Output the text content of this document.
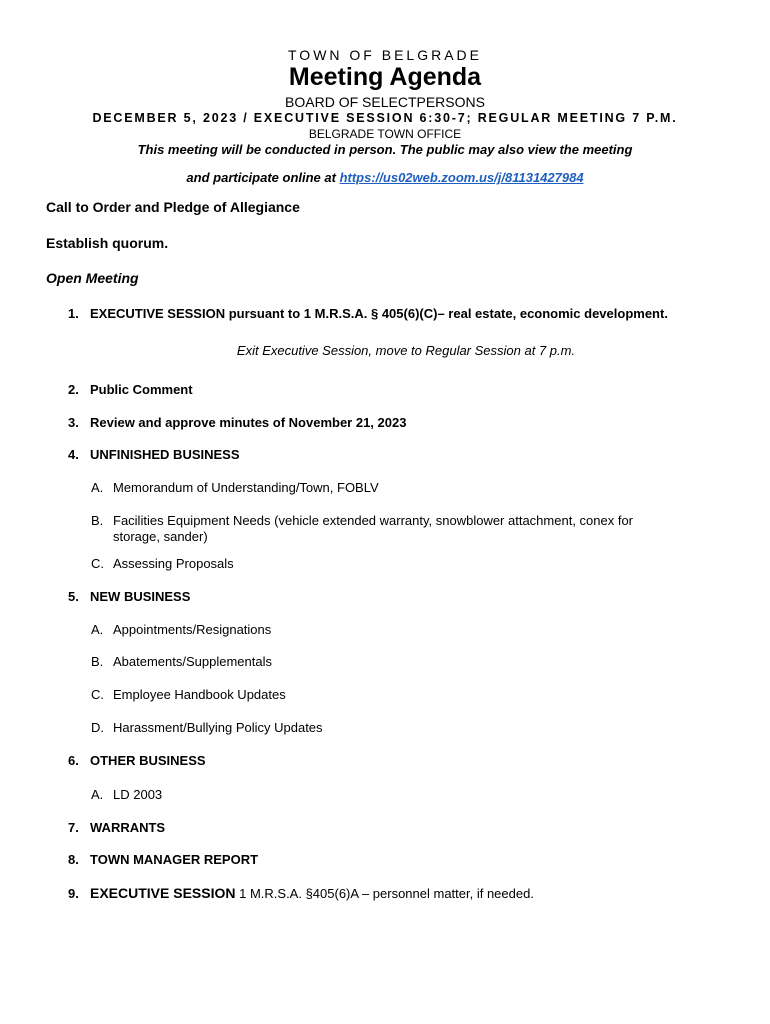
TOWN OF BELGRADE
Meeting Agenda
BOARD OF SELECTPERSONS
DECEMBER 5, 2023 / EXECUTIVE SESSION 6:30-7; REGULAR MEETING 7 P.M.
BELGRADE TOWN OFFICE
This meeting will be conducted in person. The public may also view the meeting
and participate online at https://us02web.zoom.us/j/81131427984
Call to Order and Pledge of Allegiance
Establish quorum.
Open Meeting
1. EXECUTIVE SESSION pursuant to 1 M.R.S.A. § 405(6)(C)– real estate, economic development.
Exit Executive Session, move to Regular Session at 7 p.m.
2. Public Comment
3. Review and approve minutes of November 21, 2023
4. UNFINISHED BUSINESS
A. Memorandum of Understanding/Town, FOBLV
B. Facilities Equipment Needs (vehicle extended warranty, snowblower attachment, conex for storage, sander)
C. Assessing Proposals
5. NEW BUSINESS
A. Appointments/Resignations
B. Abatements/Supplementals
C. Employee Handbook Updates
D. Harassment/Bullying Policy Updates
6. OTHER BUSINESS
A. LD 2003
7. WARRANTS
8. TOWN MANAGER REPORT
9. EXECUTIVE SESSION 1 M.R.S.A. §405(6)A – personnel matter, if needed.
